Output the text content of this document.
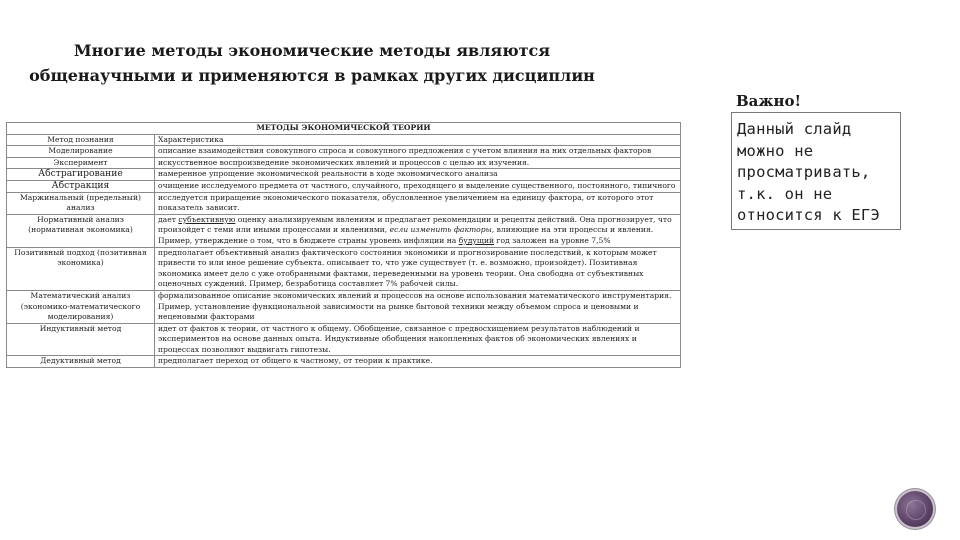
Многие методы экономические методы являются
общенаучными и применяются в рамках других дисциплин
Важно!
Данный слайд можно не просматривать, т.к. он не относится к ЕГЭ
МЕТОДЫ ЭКОНОМИЧЕСКОЙ ТЕОРИИ	
Метод познания	Характеристика
Моделирование	описание взаимодействия совокупного спроса и совокупного предложения с учетом влияния на них отдельных факторов
Эксперимент	искусственное воспроизведение экономических явлений и процессов с целью их изучения.
Абстрагирование	намеренное упрощение экономической реальности в ходе экономического анализа
Абстракция	очищение исследуемого предмета от частного, случайного, преходящего и выделение существенного, постоянного, типичного
Маржинальный (предельный) анализ	исследуется приращение экономического показателя, обусловленное увеличением на единицу фактора, от которого этот показатель зависит.
Нормативный анализ (нормативная экономика)	дает субъективную оценку анализируемым явлениям и предлагает рекомендации и рецепты действий. Она прогнозирует, что произойдет с теми или иными процессами и явлениями, если изменить факторы, влияющие на эти процессы и явления. Пример, утверждение о том, что в бюджете страны уровень инфляции на будущий год заложен на уровне 7,5%
Позитивный подход (позитивная экономика)	предполагает объективный анализ фактического состояния экономики и прогнозирование последствий, к которым может привести то или иное решение субъекта. описывает то, что уже существует (т. е. возможно, произойдет). Позитивная экономика имеет дело с уже отобранными фактами, переведенными на уровень теории. Она свободна от субъективных оценочных суждений. Пример, безработица составляет 7% рабочей силы.
Математический анализ (экономико-математического моделирования)	формализованное описание экономических явлений и процессов на основе использования математического инструментария.
Пример, установление функциональной зависимости на рынке бытовой техники между объемом спроса и ценовыми и неценовыми факторами

Индуктивный метод	идет от фактов к теории, от частного к общему. Обобщение, связанное с предвосхищением результатов наблюдений и экспериментов на основе данных опыта. Индуктивные обобщения накопленных фактов об экономических явлениях и процессах позволяют выдвигать гипотезы.
Дедуктивный метод	предполагает переход от общего к частному, от теории к практике.
